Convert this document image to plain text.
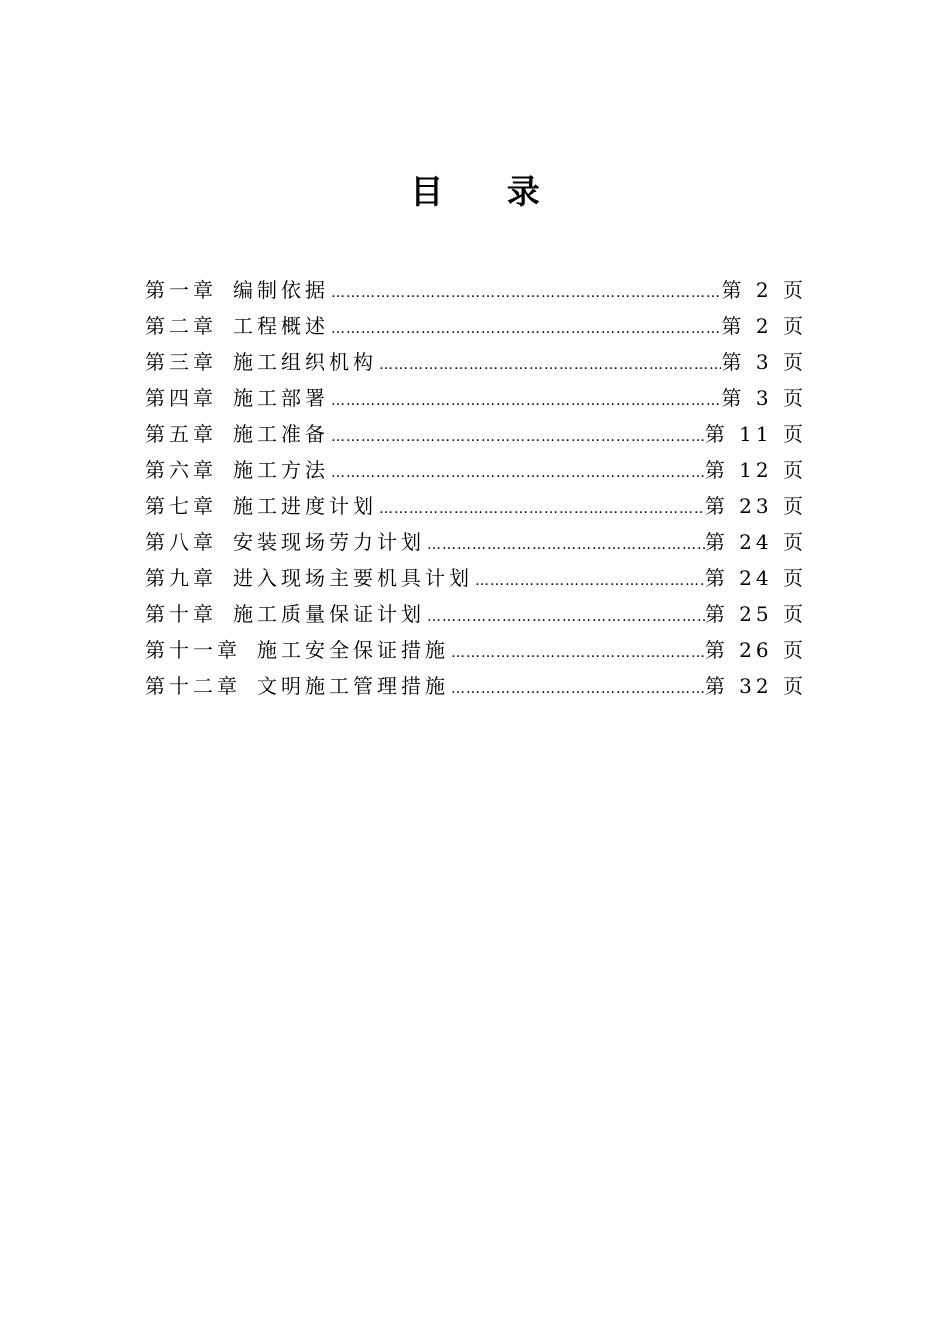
目 录
第一章 编制依据 ……………………………………………………………………………………………………	第 2 页
第二章 工程概述 ……………………………………………………………………………………………………	第 2 页
第三章 施工组织机构 ……………………………………………………………………………………………………	第 3 页
第四章 施工部署 ……………………………………………………………………………………………………	第 3 页
第五章 施工准备 ……………………………………………………………………………………………………	第 11 页
第六章 施工方法 ……………………………………………………………………………………………………	第 12 页
第七章 施工进度计划 ……………………………………………………………………………………………………	第 23 页
第八章 安装现场劳力计划 ……………………………………………………………………………………………………	第 24 页
第九章 进入现场主要机具计划 ……………………………………………………………………………………………………	第 24 页
第十章 施工质量保证计划 ……………………………………………………………………………………………………	第 25 页
第十一章 施工安全保证措施 ……………………………………………………………………………………………………	第 26 页
第十二章 文明施工管理措施 ……………………………………………………………………………………………………	第 32 页
